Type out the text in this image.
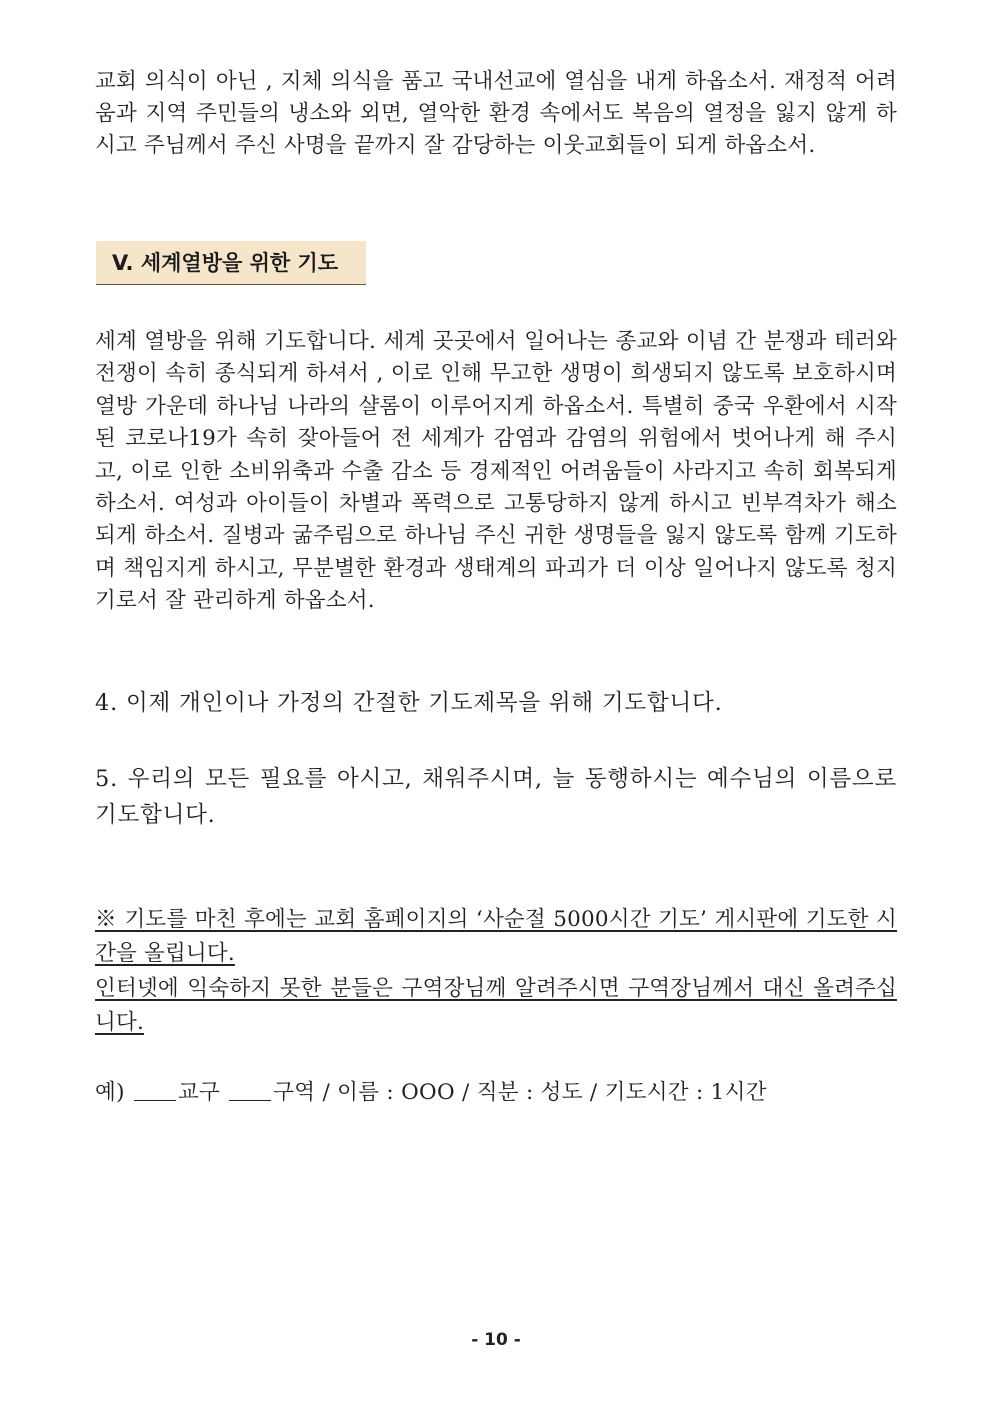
교회 의식이 아닌 , 지체 의식을 품고 국내선교에 열심을 내게 하옵소서. 재정적 어려움과 지역 주민들의 냉소와 외면, 열악한 환경 속에서도 복음의 열정을 잃지 않게 하시고 주님께서 주신 사명을 끝까지 잘 감당하는 이웃교회들이 되게 하옵소서.

V. 세계열방을 위한 기도

세계 열방을 위해 기도합니다. 세계 곳곳에서 일어나는 종교와 이념 간 분쟁과 테러와 전쟁이 속히 종식되게 하셔서 , 이로 인해 무고한 생명이 희생되지 않도록 보호하시며 열방 가운데 하나님 나라의 샬롬이 이루어지게 하옵소서. 특별히 중국 우환에서 시작된 코로나19가 속히 잦아들어 전 세계가 감염과 감염의 위험에서 벗어나게 해 주시고, 이로 인한 소비위축과 수출 감소 등 경제적인 어려움들이 사라지고 속히 회복되게 하소서. 여성과 아이들이 차별과 폭력으로 고통당하지 않게 하시고 빈부격차가 해소되게 하소서. 질병과 굶주림으로 하나님 주신 귀한 생명들을 잃지 않도록 함께 기도하며 책임지게 하시고, 무분별한 환경과 생태계의 파괴가 더 이상 일어나지 않도록 청지기로서 잘 관리하게 하옵소서.

4. 이제 개인이나 가정의 간절한 기도제목을 위해 기도합니다.

5. 우리의 모든 필요를 아시고, 채워주시며, 늘 동행하시는 예수님의 이름으로 기도합니다.

※ 기도를 마친 후에는 교회 홈페이지의 ‘사순절 5000시간 기도’ 게시판에 기도한 시간을 올립니다.

인터넷에 익숙하지 못한 분들은 구역장님께 알려주시면 구역장님께서 대신 올려주십니다.

예) 교구 구역 / 이름 : OOO / 직분 : 성도 / 기도시간 : 1시간
- 10 -
